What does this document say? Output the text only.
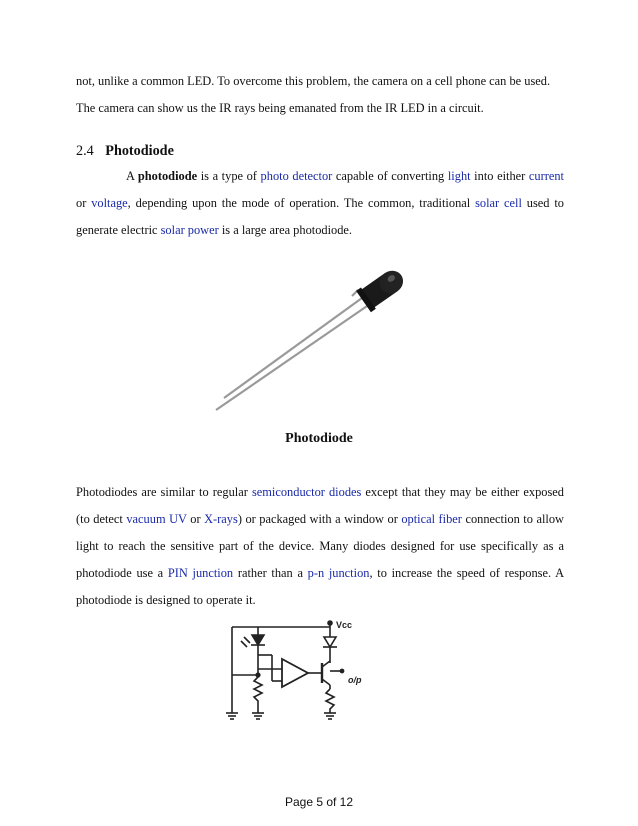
not, unlike a common LED. To overcome this problem, the camera on a cell phone can be used.

The camera can show us the IR rays being emanated from the IR LED in a circuit.

2.4 Photodiode
A photodiode is a type of photo detector capable of converting light into either current or voltage, depending upon the mode of operation. The common, traditional solar cell used to generate electric solar power is a large area photodiode.
Photodiode
Photodiodes are similar to regular semiconductor diodes except that they may be either exposed (to detect vacuum UV or X-rays) or packaged with a window or optical fiber connection to allow light to reach the sensitive part of the device. Many diodes designed for use specifically as a photodiode use a PIN junction rather than a p-n junction, to increase the speed of response. A photodiode is designed to operate it.
Vcc
o/p
Page 5 of 12
